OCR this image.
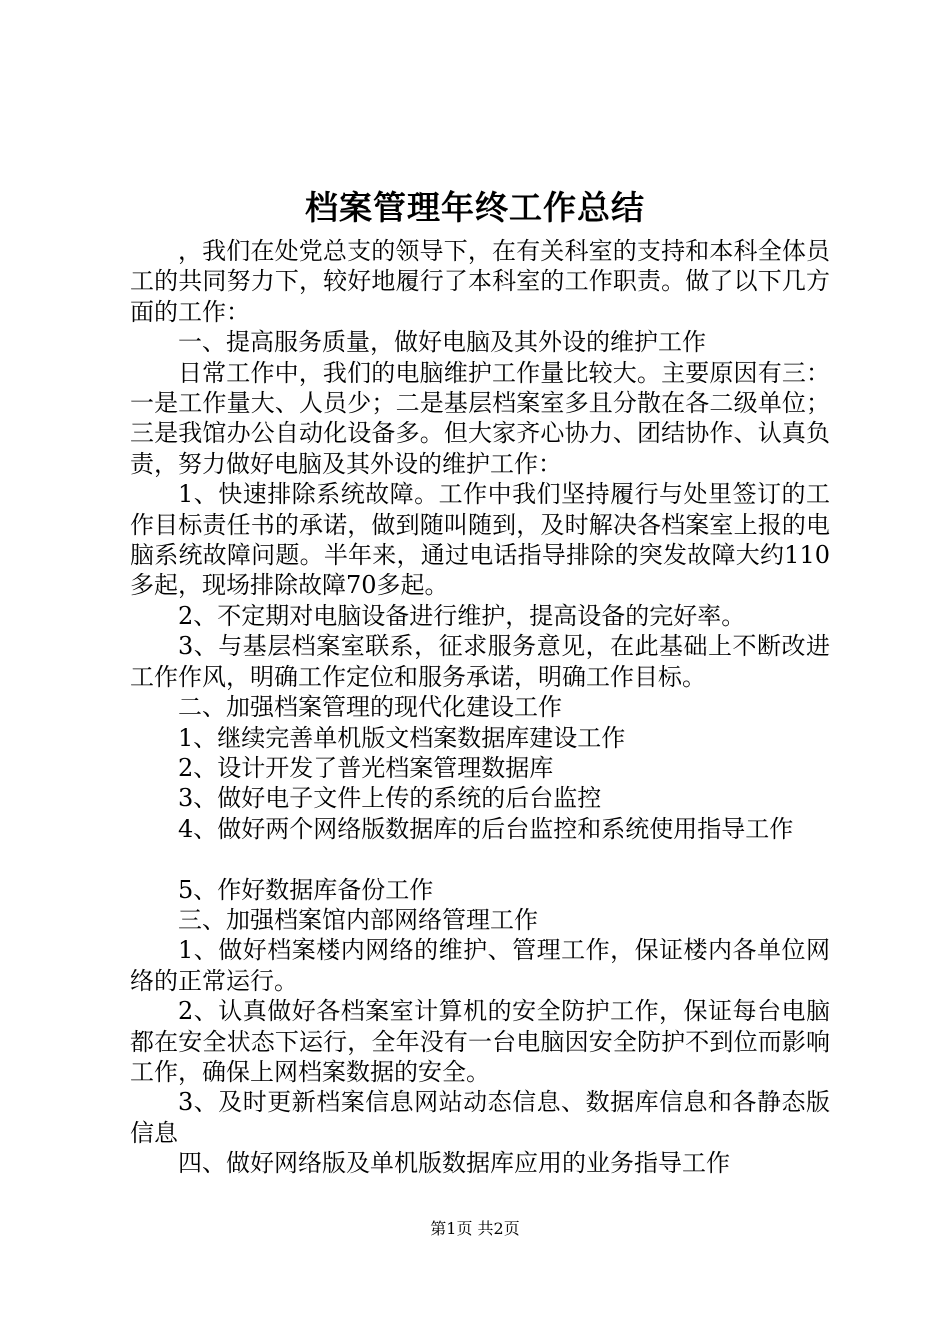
档案管理年终工作总结

，我们在处党总支的领导下，在有关科室的支持和本科全体员工的共同努力下，较好地履行了本科室的工作职责。做了以下几方面的工作：

一、提高服务质量，做好电脑及其外设的维护工作

日常工作中，我们的电脑维护工作量比较大。主要原因有三：一是工作量大、人员少；二是基层档案室多且分散在各二级单位；三是我馆办公自动化设备多。但大家齐心协力、团结协作、认真负责，努力做好电脑及其外设的维护工作：

1、快速排除系统故障。工作中我们坚持履行与处里签订的工作目标责任书的承诺，做到随叫随到，及时解决各档案室上报的电脑系统故障问题。半年来，通过电话指导排除的突发故障大约110多起，现场排除故障70多起。

2、不定期对电脑设备进行维护，提高设备的完好率。

3、与基层档案室联系，征求服务意见，在此基础上不断改进工作作风，明确工作定位和服务承诺，明确工作目标。

二、加强档案管理的现代化建设工作

1、继续完善单机版文档案数据库建设工作

2、设计开发了普光档案管理数据库

3、做好电子文件上传的系统的后台监控

4、做好两个网络版数据库的后台监控和系统使用指导工作

5、作好数据库备份工作

三、加强档案馆内部网络管理工作

1、做好档案楼内网络的维护、管理工作，保证楼内各单位网络的正常运行。

2、认真做好各档案室计算机的安全防护工作，保证每台电脑都在安全状态下运行，全年没有一台电脑因安全防护不到位而影响工作，确保上网档案数据的安全。

3、及时更新档案信息网站动态信息、数据库信息和各静态版信息

四、做好网络版及单机版数据库应用的业务指导工作

第1页 共2页
